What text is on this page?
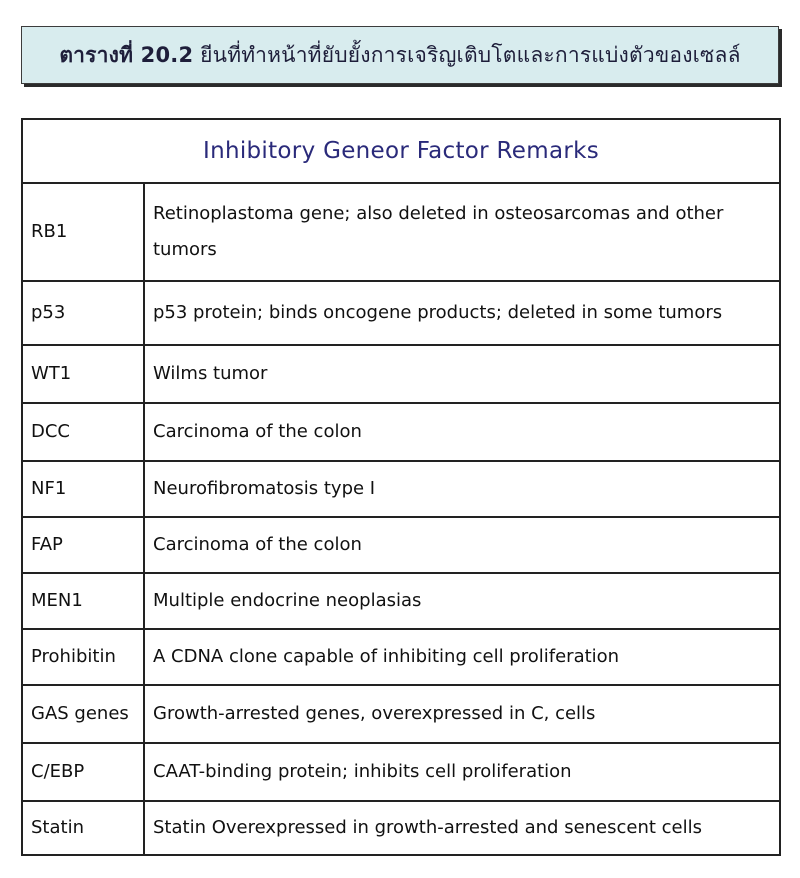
ตารางที่ 20.2 ยีนที่ทำหน้าที่ยับยั้งการเจริญเติบโตและการแบ่งตัวของเซลล์
Inhibitory Geneor Factor Remarks	
RB1	Retinoplastoma gene; also deleted in osteosarcomas and other tumors
p53	p53 protein; binds oncogene products; deleted in some tumors
WT1	Wilms tumor
DCC	Carcinoma of the colon
NF1	Neurofibromatosis type I
FAP	Carcinoma of the colon
MEN1	Multiple endocrine neoplasias
Prohibitin	A CDNA clone capable of inhibiting cell proliferation
GAS genes	Growth-arrested genes, overexpressed in C, cells
C/EBP	CAAT-binding protein; inhibits cell proliferation
Statin	Statin Overexpressed in growth-arrested and senescent cells
